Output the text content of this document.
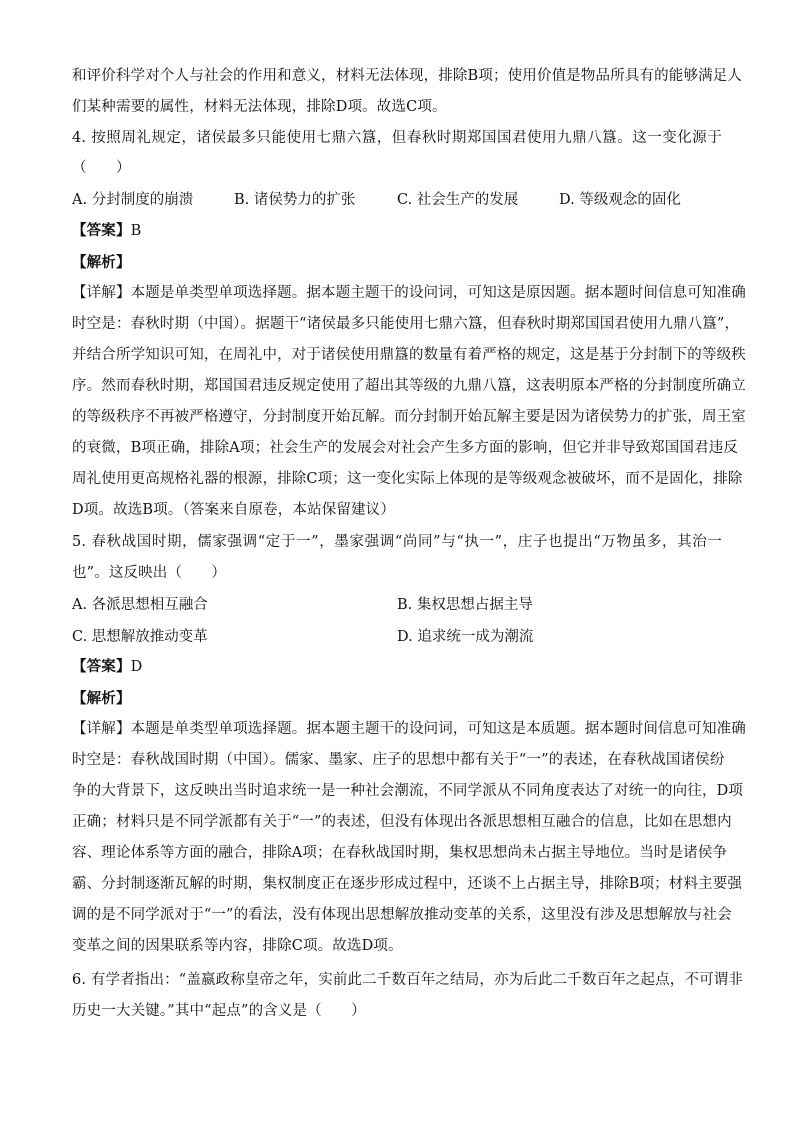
和评价科学对个人与社会的作用和意义，材料无法体现，排除B项；使用价值是物品所具有的能够满足人
们某种需要的属性，材料无法体现，排除D项。故选C项。
4. 按照周礼规定，诸侯最多只能使用七鼎六簋，但春秋时期郑国国君使用九鼎八簋。这一变化源于
（　　）
A. 分封制度的崩溃	B. 诸侯势力的扩张	C. 社会生产的发展	D. 等级观念的固化
【答案】B
【解析】
【详解】本题是单类型单项选择题。据本题主题干的设问词，可知这是原因题。据本题时间信息可知准确
时空是：春秋时期（中国）。据题干“诸侯最多只能使用七鼎六簋，但春秋时期郑国国君使用九鼎八簋”，
并结合所学知识可知，在周礼中，对于诸侯使用鼎簋的数量有着严格的规定，这是基于分封制下的等级秩
序。然而春秋时期，郑国国君违反规定使用了超出其等级的九鼎八簋，这表明原本严格的分封制度所确立
的等级秩序不再被严格遵守，分封制度开始瓦解。而分封制开始瓦解主要是因为诸侯势力的扩张，周王室
的衰微，B项正确，排除A项；社会生产的发展会对社会产生多方面的影响，但它并非导致郑国国君违反
周礼使用更高规格礼器的根源，排除C项；这一变化实际上体现的是等级观念被破坏，而不是固化，排除
D项。故选B项。（答案来自原卷，本站保留建议）
5. 春秋战国时期，儒家强调“定于一”，墨家强调“尚同”与“执一”，庄子也提出“万物虽多，其治一
也”。这反映出（　　）
A. 各派思想相互融合	B. 集权思想占据主导
C. 思想解放推动变革	D. 追求统一成为潮流
【答案】D
【解析】
【详解】本题是单类型单项选择题。据本题主题干的设问词，可知这是本质题。据本题时间信息可知准确
时空是：春秋战国时期（中国）。儒家、墨家、庄子的思想中都有关于“一”的表述，在春秋战国诸侯纷
争的大背景下，这反映出当时追求统一是一种社会潮流，不同学派从不同角度表达了对统一的向往，D项
正确；材料只是不同学派都有关于“一”的表述，但没有体现出各派思想相互融合的信息，比如在思想内
容、理论体系等方面的融合，排除A项；在春秋战国时期，集权思想尚未占据主导地位。当时是诸侯争
霸、分封制逐渐瓦解的时期，集权制度正在逐步形成过程中，还谈不上占据主导，排除B项；材料主要强
调的是不同学派对于“一”的看法，没有体现出思想解放推动变革的关系，这里没有涉及思想解放与社会
变革之间的因果联系等内容，排除C项。故选D项。
6. 有学者指出：“盖嬴政称皇帝之年，实前此二千数百年之结局，亦为后此二千数百年之起点，不可谓非
历史一大关键。”其中“起点”的含义是（　　）
